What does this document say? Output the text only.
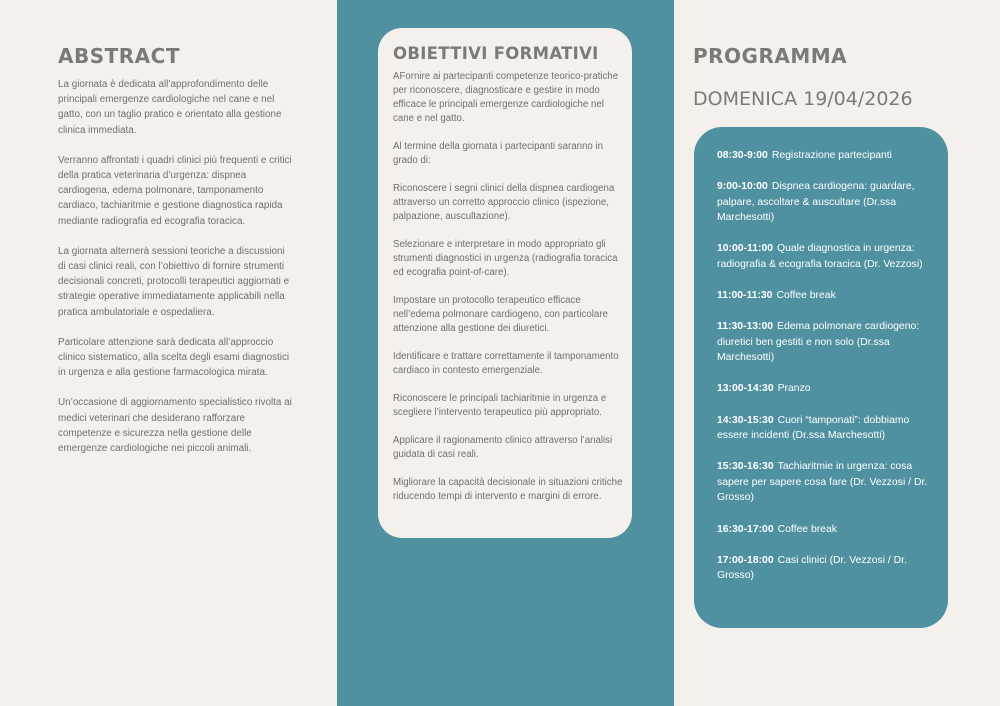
ABSTRACT

La giornata è dedicata all’approfondimento delle principali emergenze cardiologiche nel cane e nel gatto, con un taglio pratico e orientato alla gestione clinica immediata.

Verranno affrontati i quadri clinici più frequenti e critici della pratica veterinaria d’urgenza: dispnea cardiogena, edema polmonare, tamponamento cardiaco, tachiaritmie e gestione diagnostica rapida mediante radiografia ed ecografia toracica.

La giornata alternerà sessioni teoriche a discussioni di casi clinici reali, con l’obiettivo di fornire strumenti decisionali concreti, protocolli terapeutici aggiornati e strategie operative immediatamente applicabili nella pratica ambulatoriale e ospedaliera.

Particolare attenzione sarà dedicata all’approccio clinico sistematico, alla scelta degli esami diagnostici in urgenza e alla gestione farmacologica mirata.

Un’occasione di aggiornamento specialistico rivolta ai medici veterinari che desiderano rafforzare competenze e sicurezza nella gestione delle emergenze cardiologiche nei piccoli animali.

OBIETTIVI FORMATIVI

AFornire ai partecipanti competenze teorico-pratiche per riconoscere, diagnosticare e gestire in modo efficace le principali emergenze cardiologiche nel cane e nel gatto.

Al termine della giornata i partecipanti saranno in grado di:

Riconoscere i segni clinici della dispnea cardiogena attraverso un corretto approccio clinico (ispezione, palpazione, auscultazione).

Selezionare e interpretare in modo appropriato gli strumenti diagnostici in urgenza (radiografia toracica ed ecografia point-of-care).

Impostare un protocollo terapeutico efficace nell’edema polmonare cardiogeno, con particolare attenzione alla gestione dei diuretici.

Identificare e trattare correttamente il tamponamento cardiaco in contesto emergenziale.

Riconoscere le principali tachiaritmie in urgenza e scegliere l’intervento terapeutico più appropriato.

Applicare il ragionamento clinico attraverso l’analisi guidata di casi reali.

Migliorare la capacità decisionale in situazioni critiche riducendo tempi di intervento e margini di errore.

PROGRAMMA
DOMENICA 19/04/2026
08:30-9:00 Registrazione partecipanti
9:00-10:00 Dispnea cardiogena: guardare, palpare, ascoltare & auscultare (Dr.ssa Marchesotti)
10:00-11:00 Quale diagnostica in urgenza: radiografia & ecografia toracica (Dr. Vezzosi)
11:00-11:30 Coffee break
11:30-13:00 Edema polmonare cardiogeno: diuretici ben gestiti e non solo (Dr.ssa Marchesotti)
13:00-14:30 Pranzo
14:30-15:30 Cuori “tamponati”: dobbiamo essere incidenti (Dr.ssa Marchesotti)
15:30-16:30 Tachiaritmie in urgenza: cosa sapere per sapere cosa fare (Dr. Vezzosi / Dr. Grosso)
16:30-17:00 Coffee break
17:00-18:00 Casi clinici (Dr. Vezzosi / Dr. Grosso)
